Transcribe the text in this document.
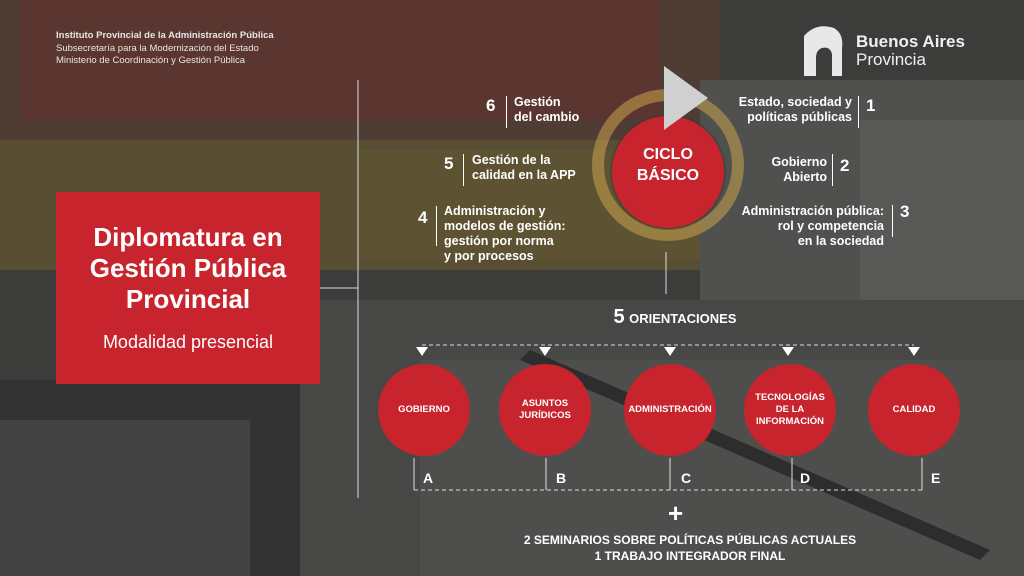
Instituto Provincial de la Administración Pública
Subsecretaría para la Modernización del Estado
Ministerio de Coordinación y Gestión Pública
Buenos Aires
Provincia
Diplomatura en
Gestión Pública
Provincial
Modalidad presencial
CICLO
BÁSICO
6 Gestión
del cambio
5 Gestión de la
calidad en la APP
4 Administración y
modelos de gestión:
gestión por norma
y por procesos
Estado, sociedad y
políticas públicas
1
Gobierno
Abierto
2
Administración pública:
rol y competencia
en la sociedad
3
5 ORIENTACIONES
GOBIERNO
ASUNTOS JURÍDICOS
ADMINISTRACIÓN
TECNOLOGÍAS DE LA INFORMACIÓN
CALIDAD
A	B	C	D	E
+
2 SEMINARIOS SOBRE POLÍTICAS PÚBLICAS ACTUALES
1 TRABAJO INTEGRADOR FINAL
